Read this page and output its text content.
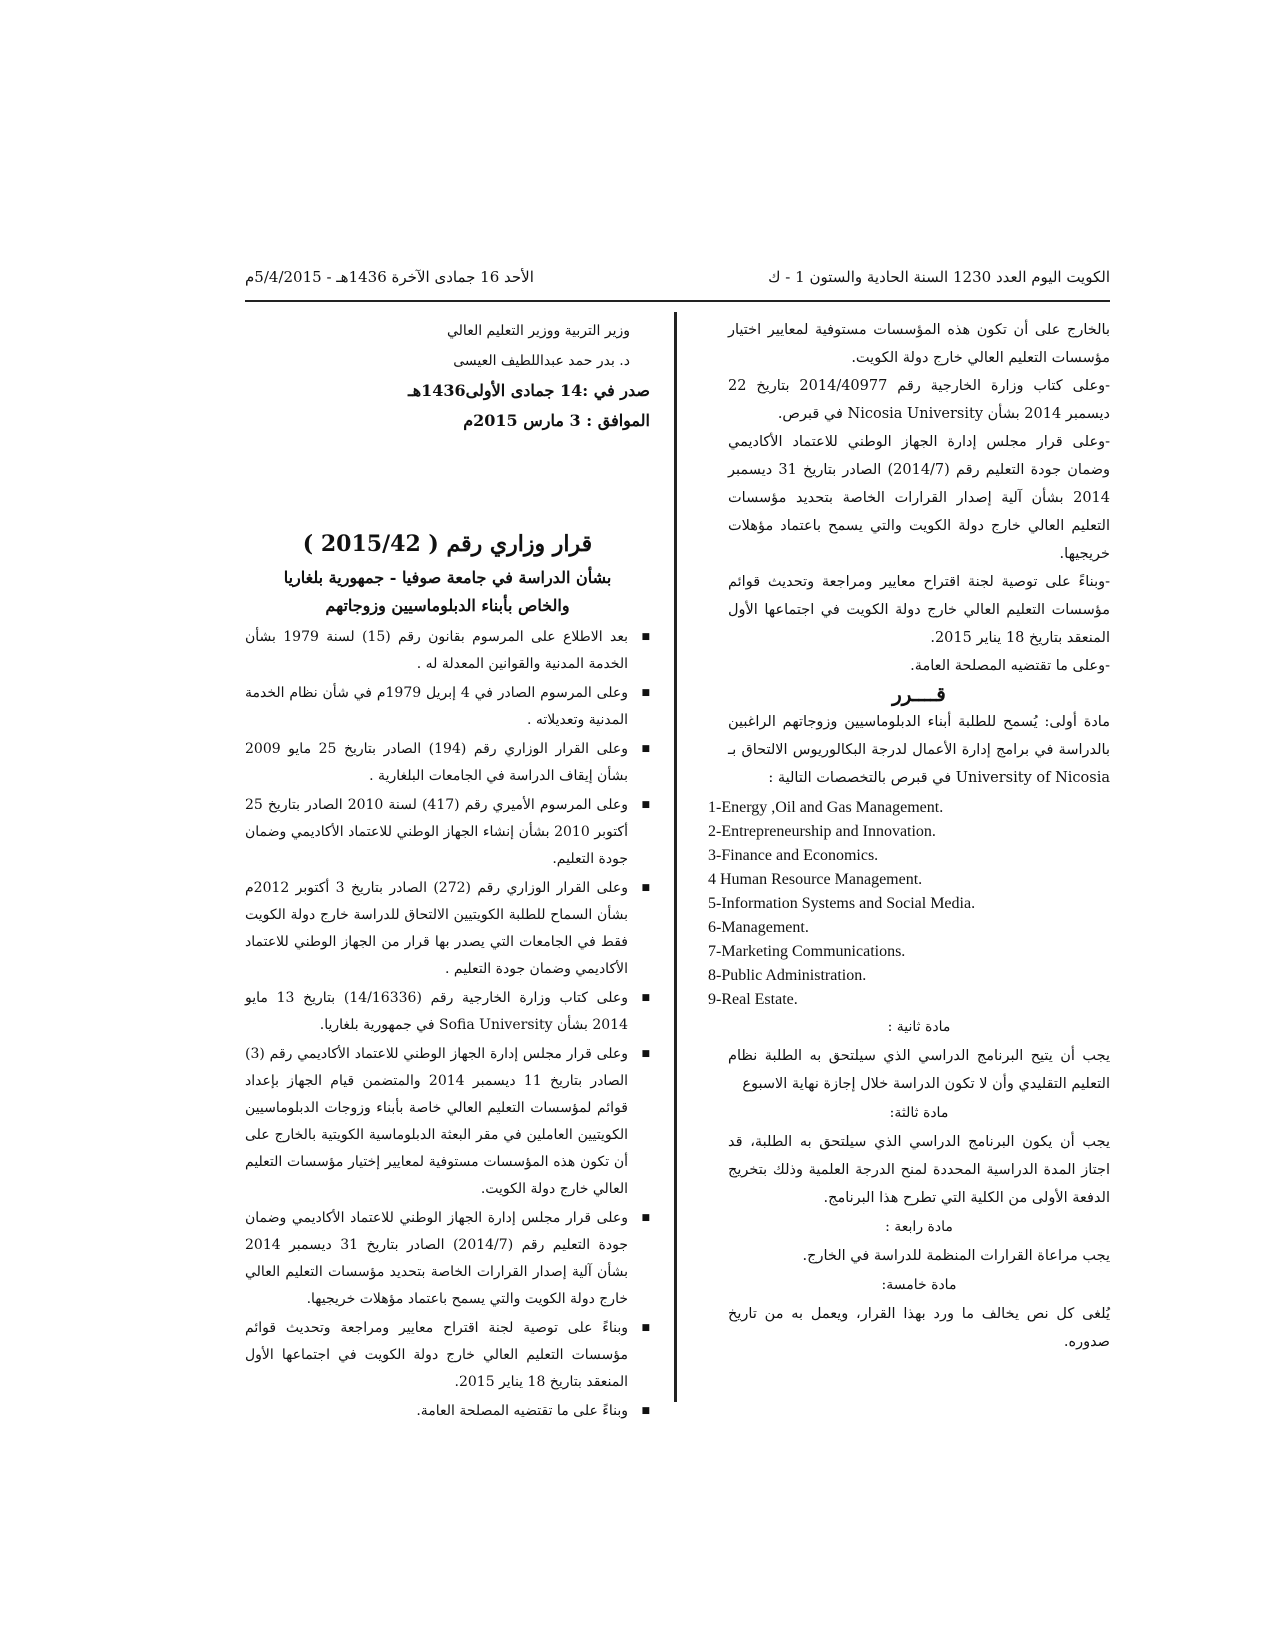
الكويت اليوم العدد 1230 السنة الحادية والستون 1 - ك
الأحد 16 جمادى الآخرة 1436هـ - 5/4/2015م

بالخارج على أن تكون هذه المؤسسات مستوفية لمعايير اختيار مؤسسات التعليم العالي خارج دولة الكويت.

-وعلى كتاب وزارة الخارجية رقم 2014/40977 بتاريخ 22 ديسمبر 2014 بشأن Nicosia University في قبرص.

-وعلى قرار مجلس إدارة الجهاز الوطني للاعتماد الأكاديمي وضمان جودة التعليم رقم (2014/7) الصادر بتاريخ 31 ديسمبر 2014 بشأن آلية إصدار القرارات الخاصة بتحديد مؤسسات التعليم العالي خارج دولة الكويت والتي يسمح باعتماد مؤهلات خريجيها.

-وبناءً على توصية لجنة اقتراح معايير ومراجعة وتحديث قوائم مؤسسات التعليم العالي خارج دولة الكويت في اجتماعها الأول المنعقد بتاريخ 18 يناير 2015.

-وعلى ما تقتضيه المصلحة العامة.

قــــرر

مادة أولى: يُسمح للطلبة أبناء الدبلوماسيين وزوجاتهم الراغبين بالدراسة في برامج إدارة الأعمال لدرجة البكالوريوس الالتحاق بـ University of Nicosia في قبرص بالتخصصات التالية :

1-Energy ,Oil and Gas Management.
2-Entrepreneurship and Innovation.
3-Finance and Economics.
4 Human Resource Management.
5-Information Systems and Social Media.
6-Management.
7-Marketing Communications.
8-Public Administration.
9-Real Estate.

مادة ثانية :

يجب أن يتيح البرنامج الدراسي الذي سيلتحق به الطلبة نظام التعليم التقليدي وأن لا تكون الدراسة خلال إجازة نهاية الاسبوع

مادة ثالثة:

يجب أن يكون البرنامج الدراسي الذي سيلتحق به الطلبة، قد اجتاز المدة الدراسية المحددة لمنح الدرجة العلمية وذلك بتخريج الدفعة الأولى من الكلية التي تطرح هذا البرنامج.

مادة رابعة :

يجب مراعاة القرارات المنظمة للدراسة في الخارج.

مادة خامسة:

يُلغى كل نص يخالف ما ورد بهذا القرار، ويعمل به من تاريخ صدوره.

وزير التربية ووزير التعليم العالي

د. بدر حمد عبداللطيف العيسى

صدر في :14 جمادى الأولى1436هـ

الموافق : 3 مارس 2015م

قرار وزاري رقم ( 2015/42 )

بشأن الدراسة في جامعة صوفيا - جمهورية بلغاريا

والخاص بأبناء الدبلوماسيين وزوجاتهم

■ بعد الاطلاع على المرسوم بقانون رقم (15) لسنة 1979 بشأن الخدمة المدنية والقوانين المعدلة له .
■ وعلى المرسوم الصادر في 4 إبريل 1979م في شأن نظام الخدمة المدنية وتعديلاته .
■ وعلى القرار الوزاري رقم (194) الصادر بتاريخ 25 مايو 2009 بشأن إيقاف الدراسة في الجامعات البلغارية .
■ وعلى المرسوم الأميري رقم (417) لسنة 2010 الصادر بتاريخ 25 أكتوبر 2010 بشأن إنشاء الجهاز الوطني للاعتماد الأكاديمي وضمان جودة التعليم.
■ وعلى القرار الوزاري رقم (272) الصادر بتاريخ 3 أكتوبر 2012م بشأن السماح للطلبة الكويتيين الالتحاق للدراسة خارج دولة الكويت فقط في الجامعات التي يصدر بها قرار من الجهاز الوطني للاعتماد الأكاديمي وضمان جودة التعليم .
■ وعلى كتاب وزارة الخارجية رقم (14/16336) بتاريخ 13 مايو 2014 بشأن Sofia University في جمهورية بلغاريا.
■ وعلى قرار مجلس إدارة الجهاز الوطني للاعتماد الأكاديمي رقم (3) الصادر بتاريخ 11 ديسمبر 2014 والمتضمن قيام الجهاز بإعداد قوائم لمؤسسات التعليم العالي خاصة بأبناء وزوجات الدبلوماسيين الكويتيين العاملين في مقر البعثة الدبلوماسية الكويتية بالخارج على أن تكون هذه المؤسسات مستوفية لمعايير إختيار مؤسسات التعليم العالي خارج دولة الكويت.
■ وعلى قرار مجلس إدارة الجهاز الوطني للاعتماد الأكاديمي وضمان جودة التعليم رقم (2014/7) الصادر بتاريخ 31 ديسمبر 2014 بشأن آلية إصدار القرارات الخاصة بتحديد مؤسسات التعليم العالي خارج دولة الكويت والتي يسمح باعتماد مؤهلات خريجيها.
■ وبناءً على توصية لجنة اقتراح معايير ومراجعة وتحديث قوائم مؤسسات التعليم العالي خارج دولة الكويت في اجتماعها الأول المنعقد بتاريخ 18 يناير 2015.
■ وبناءً على ما تقتضيه المصلحة العامة.
